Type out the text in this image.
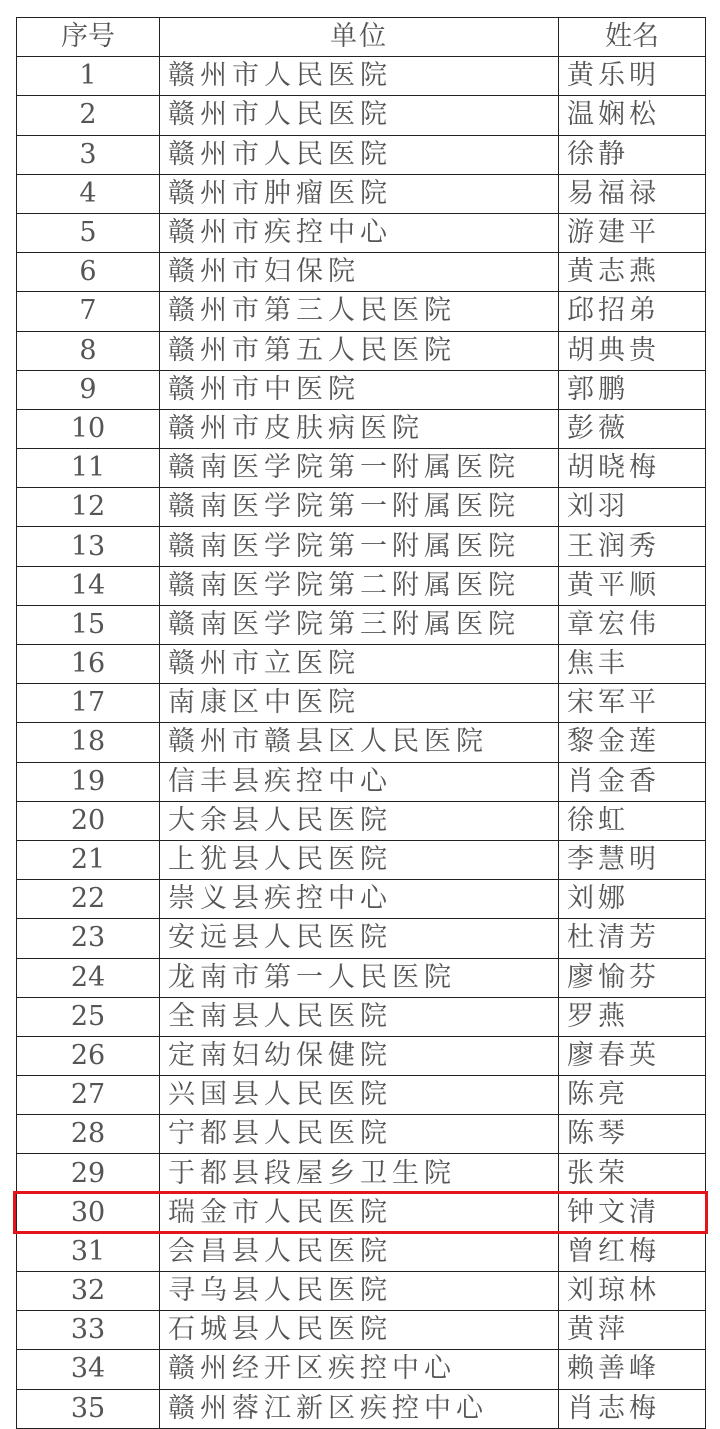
序号	单位	姓名
1	赣州市人民医院	黄乐明
2	赣州市人民医院	温娴松
3	赣州市人民医院	徐静
4	赣州市肿瘤医院	易福禄
5	赣州市疾控中心	游建平
6	赣州市妇保院	黄志燕
7	赣州市第三人民医院	邱招弟
8	赣州市第五人民医院	胡典贵
9	赣州市中医院	郭鹏
10	赣州市皮肤病医院	彭薇
11	赣南医学院第一附属医院	胡晓梅
12	赣南医学院第一附属医院	刘羽
13	赣南医学院第一附属医院	王润秀
14	赣南医学院第二附属医院	黄平顺
15	赣南医学院第三附属医院	章宏伟
16	赣州市立医院	焦丰
17	南康区中医院	宋军平
18	赣州市赣县区人民医院	黎金莲
19	信丰县疾控中心	肖金香
20	大余县人民医院	徐虹
21	上犹县人民医院	李慧明
22	崇义县疾控中心	刘娜
23	安远县人民医院	杜清芳
24	龙南市第一人民医院	廖愉芬
25	全南县人民医院	罗燕
26	定南妇幼保健院	廖春英
27	兴国县人民医院	陈亮
28	宁都县人民医院	陈琴
29	于都县段屋乡卫生院	张荣
30	瑞金市人民医院	钟文清
31	会昌县人民医院	曾红梅
32	寻乌县人民医院	刘琼林
33	石城县人民医院	黄萍
34	赣州经开区疾控中心	赖善峰
35	赣州蓉江新区疾控中心	肖志梅
